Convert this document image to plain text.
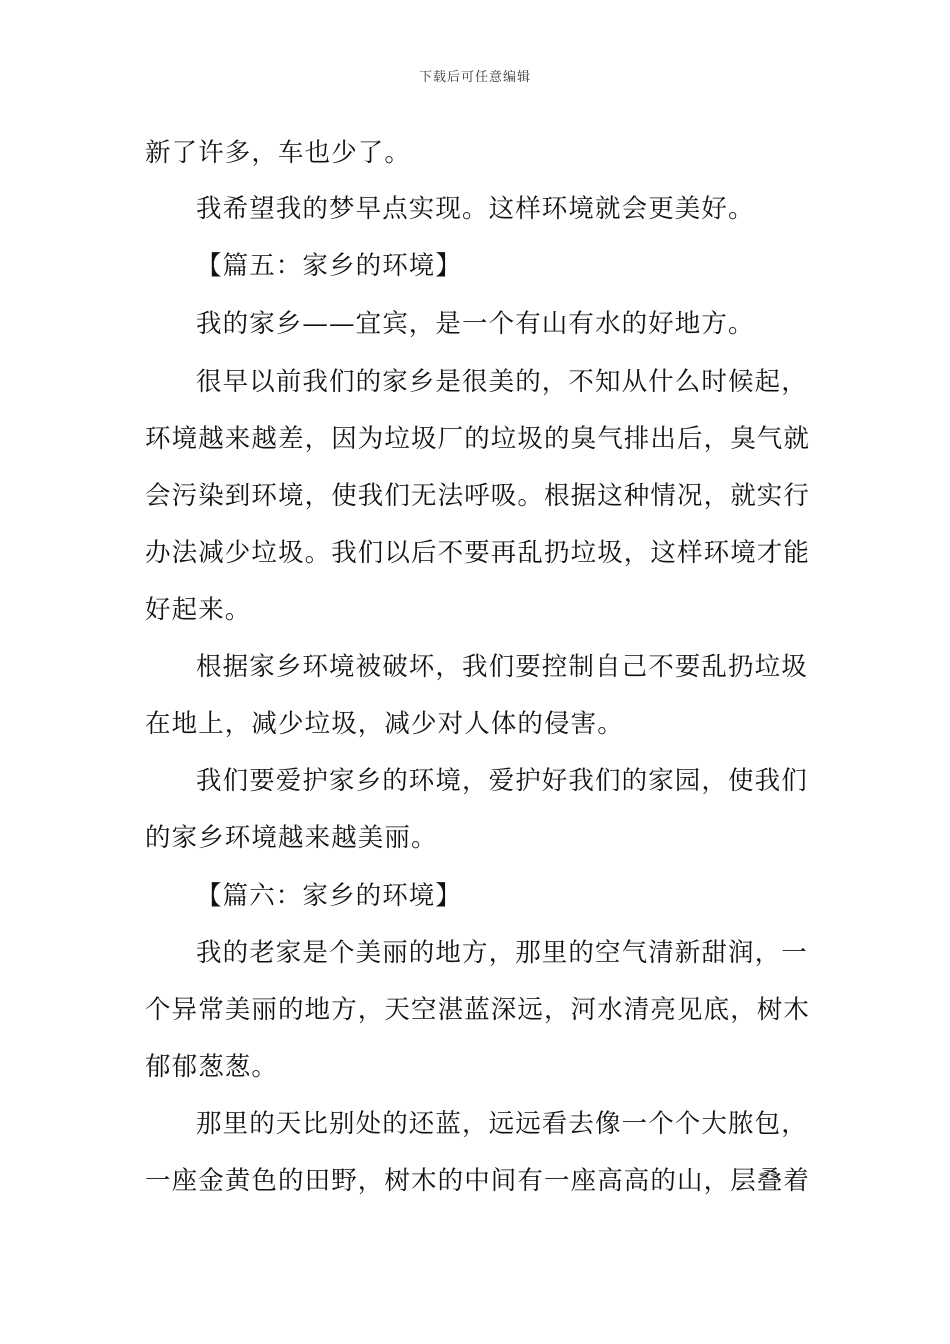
下载后可任意编辑
新了许多，车也少了。
我希望我的梦早点实现。这样环境就会更美好。
【篇五：家乡的环境】
我的家乡——宜宾，是一个有山有水的好地方。
很早以前我们的家乡是很美的，不知从什么时候起，
环境越来越差，因为垃圾厂的垃圾的臭气排出后，臭气就
会污染到环境，使我们无法呼吸。根据这种情况，就实行
办法减少垃圾。我们以后不要再乱扔垃圾，这样环境才能
好起来。
根据家乡环境被破坏，我们要控制自己不要乱扔垃圾
在地上，减少垃圾，减少对人体的侵害。
我们要爱护家乡的环境，爱护好我们的家园，使我们
的家乡环境越来越美丽。
【篇六：家乡的环境】
我的老家是个美丽的地方，那里的空气清新甜润，一
个异常美丽的地方，天空湛蓝深远，河水清亮见底，树木
郁郁葱葱。
那里的天比别处的还蓝，远远看去像一个个大脓包，
一座金黄色的田野，树木的中间有一座高高的山，层叠着
